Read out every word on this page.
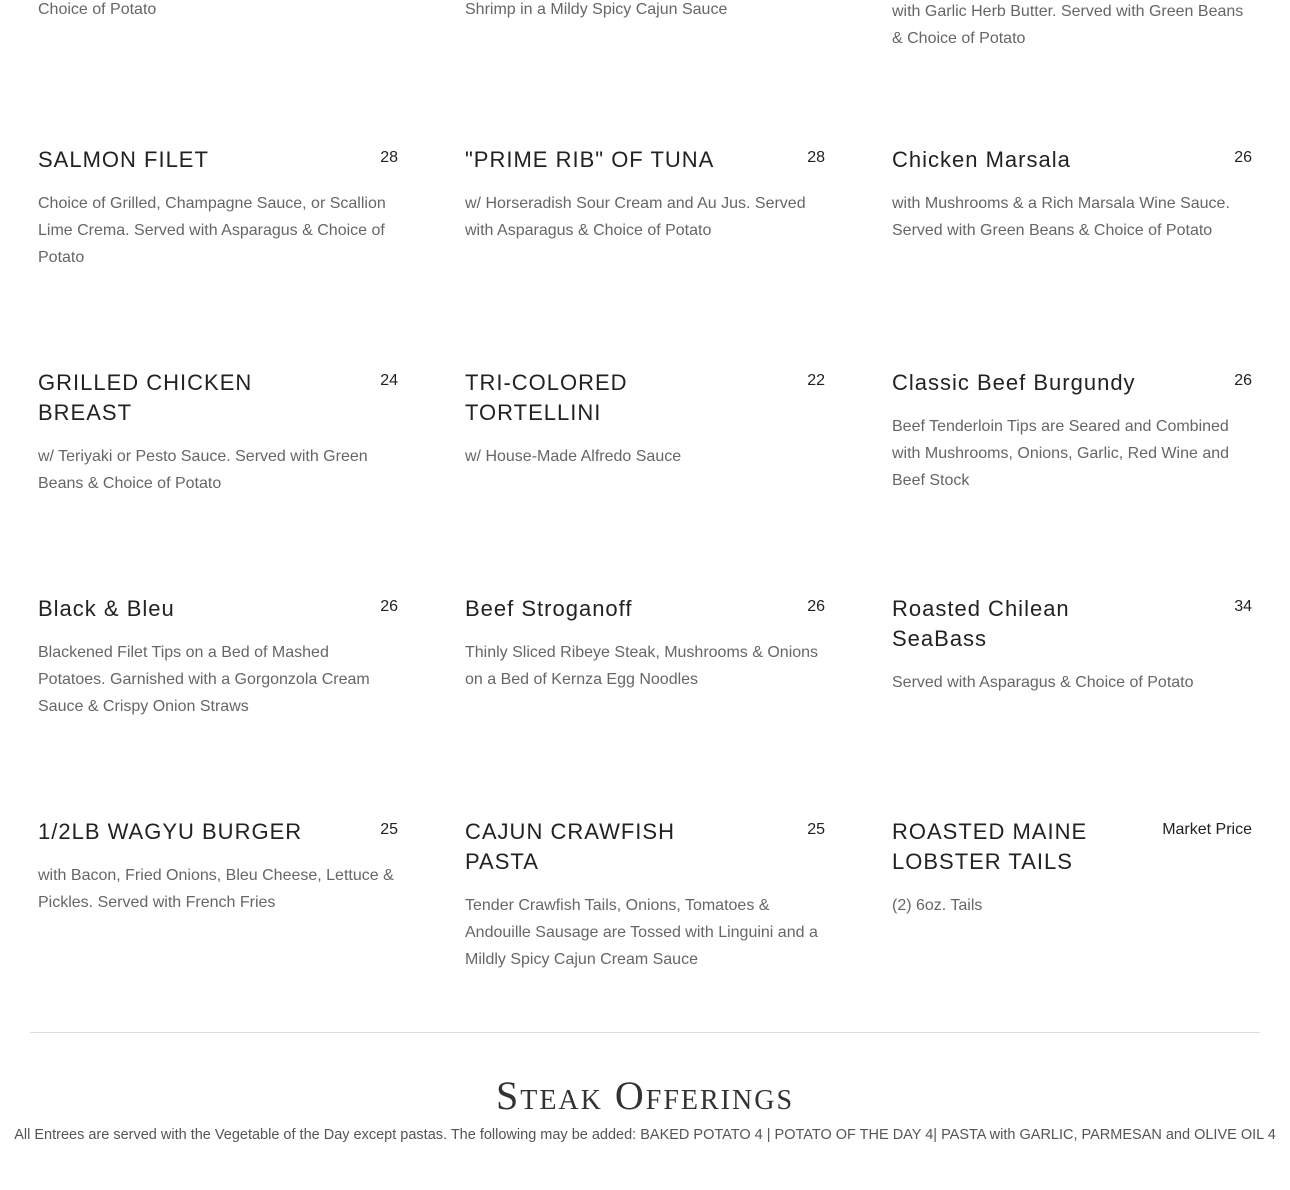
Choice of Potato	Shrimp in a Mildy Spicy Cajun Sauce	with Garlic Herb Butter. Served with Green Beans & Choice of Potato
SALMON FILET	28
Choice of Grilled, Champagne Sauce, or Scallion Lime Crema. Served with Asparagus & Choice of Potato
"PRIME RIB" OF TUNA	28
w/ Horseradish Sour Cream and Au Jus. Served with Asparagus & Choice of Potato
Chicken Marsala	26
with Mushrooms & a Rich Marsala Wine Sauce. Served with Green Beans & Choice of Potato
GRILLED CHICKEN BREAST
24
w/ Teriyaki or Pesto Sauce. Served with Green Beans & Choice of Potato
TRI-COLORED TORTELLINI
22
w/ House-Made Alfredo Sauce
Classic Beef Burgundy	26
Beef Tenderloin Tips are Seared and Combined with Mushrooms, Onions, Garlic, Red Wine and Beef Stock
Black & Bleu	26
Blackened Filet Tips on a Bed of Mashed Potatoes. Garnished with a Gorgonzola Cream Sauce & Crispy Onion Straws
Beef Stroganoff	26
Thinly Sliced Ribeye Steak, Mushrooms & Onions on a Bed of Kernza Egg Noodles
Roasted Chilean SeaBass
34
Served with Asparagus & Choice of Potato
1/2LB WAGYU BURGER	25
with Bacon, Fried Onions, Bleu Cheese, Lettuce & Pickles. Served with French Fries
CAJUN CRAWFISH PASTA
25
Tender Crawfish Tails, Onions, Tomatoes & Andouille Sausage are Tossed with Linguini and a Mildly Spicy Cajun Cream Sauce
ROASTED MAINE LOBSTER TAILS
Market Price
(2) 6oz. Tails
Steak Offerings
All Entrees are served with the Vegetable of the Day except pastas. The following may be added: BAKED POTATO 4 | POTATO OF THE DAY 4| PASTA with GARLIC, PARMESAN and OLIVE OIL 4
